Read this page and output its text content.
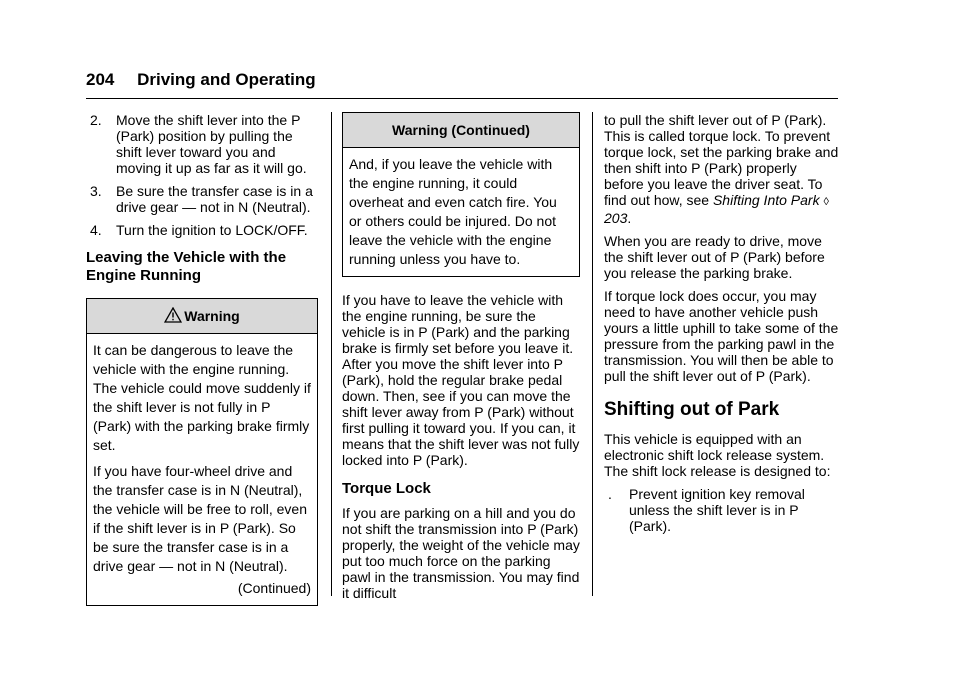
204 Driving and Operating
2. Move the shift lever into the P (Park) position by pulling the shift lever toward you and moving it up as far as it will go.
3. Be sure the transfer case is in a drive gear — not in N (Neutral).
4. Turn the ignition to LOCK/OFF.
Leaving the Vehicle with the Engine Running
Warning

It can be dangerous to leave the vehicle with the engine running. The vehicle could move suddenly if the shift lever is not fully in P (Park) with the parking brake firmly set.

If you have four-wheel drive and the transfer case is in N (Neutral), the vehicle will be free to roll, even if the shift lever is in P (Park). So be sure the transfer case is in a drive gear — not in N (Neutral).

(Continued)
Warning (Continued)

And, if you leave the vehicle with the engine running, it could overheat and even catch fire. You or others could be injured. Do not leave the vehicle with the engine running unless you have to.

If you have to leave the vehicle with the engine running, be sure the vehicle is in P (Park) and the parking brake is firmly set before you leave it. After you move the shift lever into P (Park), hold the regular brake pedal down. Then, see if you can move the shift lever away from P (Park) without first pulling it toward you. If you can, it means that the shift lever was not fully locked into P (Park).

Torque Lock

If you are parking on a hill and you do not shift the transmission into P (Park) properly, the weight of the vehicle may put too much force on the parking pawl in the transmission. You may find it difficult

to pull the shift lever out of P (Park). This is called torque lock. To prevent torque lock, set the parking brake and then shift into P (Park) properly before you leave the driver seat. To find out how, see Shifting Into Park ◊ 203.

When you are ready to drive, move the shift lever out of P (Park) before you release the parking brake.

If torque lock does occur, you may need to have another vehicle push yours a little uphill to take some of the pressure from the parking pawl in the transmission. You will then be able to pull the shift lever out of P (Park).

Shifting out of Park

This vehicle is equipped with an electronic shift lock release system. The shift lock release is designed to:

. Prevent ignition key removal unless the shift lever is in P (Park).
